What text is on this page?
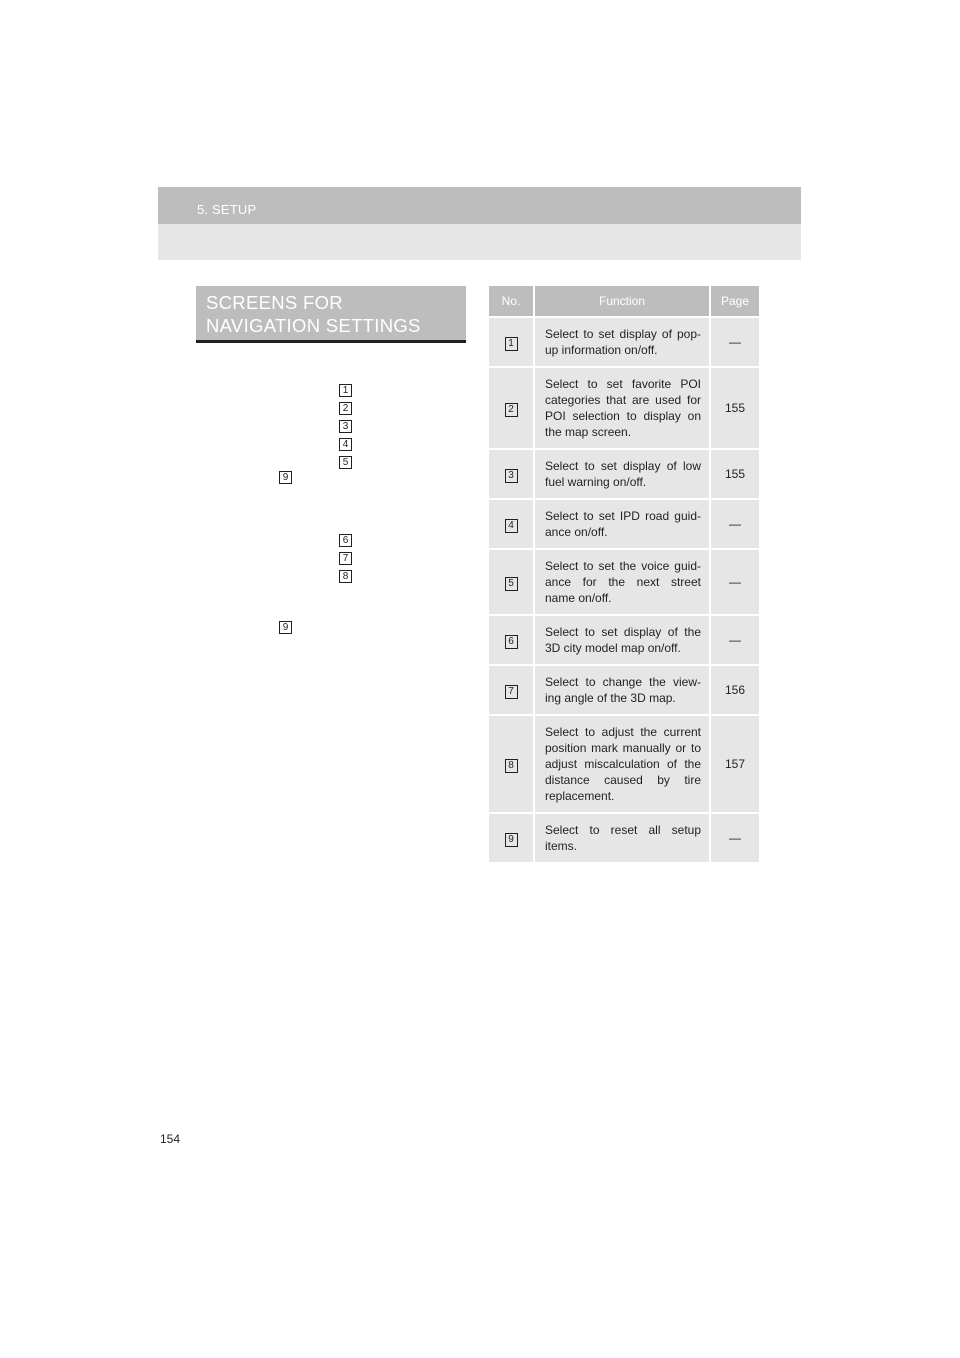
5. SETUP
SCREENS FOR NAVIGATION SETTINGS
1
2
3
4
5
9
6
7
8
9
No.	Function	Page
1	Select to set display of pop-up information on/off.	—
2	Select to set favorite POI categories that are used for POI selection to display on the map screen.	155
3	Select to set display of low fuel warning on/off.	155
4	Select to set IPD road guid-ance on/off.	—
5	Select to set the voice guid-ance for the next street name on/off.	—
6	Select to set display of the 3D city model map on/off.	—
7	Select to change the view-ing angle of the 3D map.	156
8	Select to adjust the current position mark manually or to adjust miscalculation of the distance caused by tire replacement.	157
9	Select to reset all setup items.	—
154
